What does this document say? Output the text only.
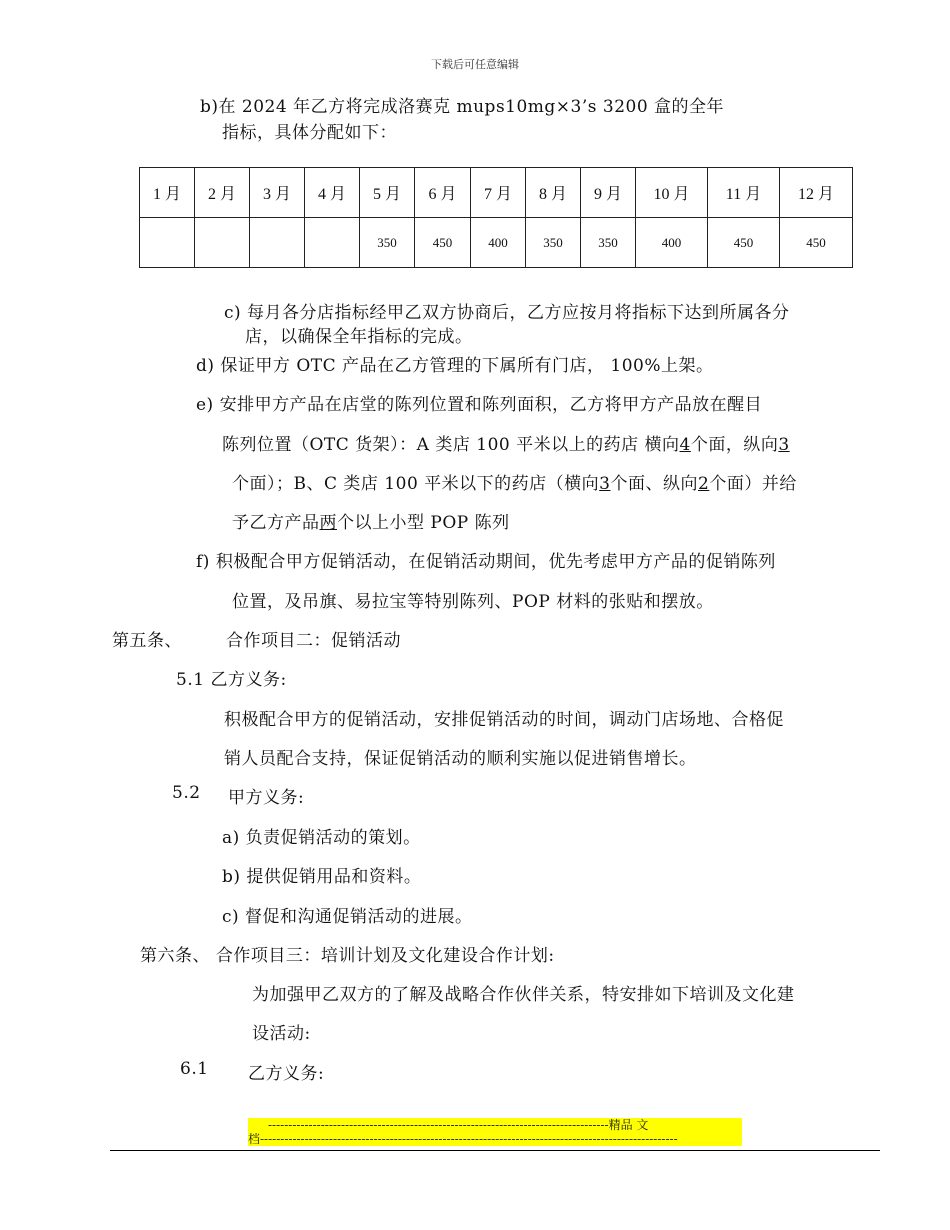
下载后可任意编辑
b)在 2024 年乙方将完成洛赛克 mups10mg×3’s 3200 盒的全年
指标，具体分配如下：
1 月	2 月	3 月	4 月	5 月	6 月	7 月	8 月	9 月	10 月	11 月	12 月
				350	450	400	350	350	400	450	450
c) 每月各分店指标经甲乙双方协商后，乙方应按月将指标下达到所属各分
店，以确保全年指标的完成。
d) 保证甲方 OTC 产品在乙方管理的下属所有门店， 100%上架。
e) 安排甲方产品在店堂的陈列位置和陈列面积，乙方将甲方产品放在醒目
陈列位置（OTC 货架）：A 类店 100 平米以上的药店 横向4个面，纵向3
个面）；B、C 类店 100 平米以下的药店（横向3个面、纵向2个面）并给
予乙方产品两个以上小型 POP 陈列
f) 积极配合甲方促销活动，在促销活动期间，优先考虑甲方产品的促销陈列
位置，及吊旗、易拉宝等特别陈列、POP 材料的张贴和摆放。
第五条、	合作项目二：促销活动
5.1 乙方义务:
积极配合甲方的促销活动，安排促销活动的时间，调动门店场地、合格促
销人员配合支持，保证促销活动的顺利实施以促进销售增长。
5.2 甲方义务:
a) 负责促销活动的策划。
b) 提供促销用品和资料。
c) 督促和沟通促销活动的进展。
第六条、 合作项目三：培训计划及文化建设合作计划:
为加强甲乙双方的了解及战略合作伙伴关系，特安排如下培训及文化建
设活动:
6.1 乙方义务:
------------------------------------------------------------------------------------精品 文
档-------------------------------------------------------------------------------------------------------
